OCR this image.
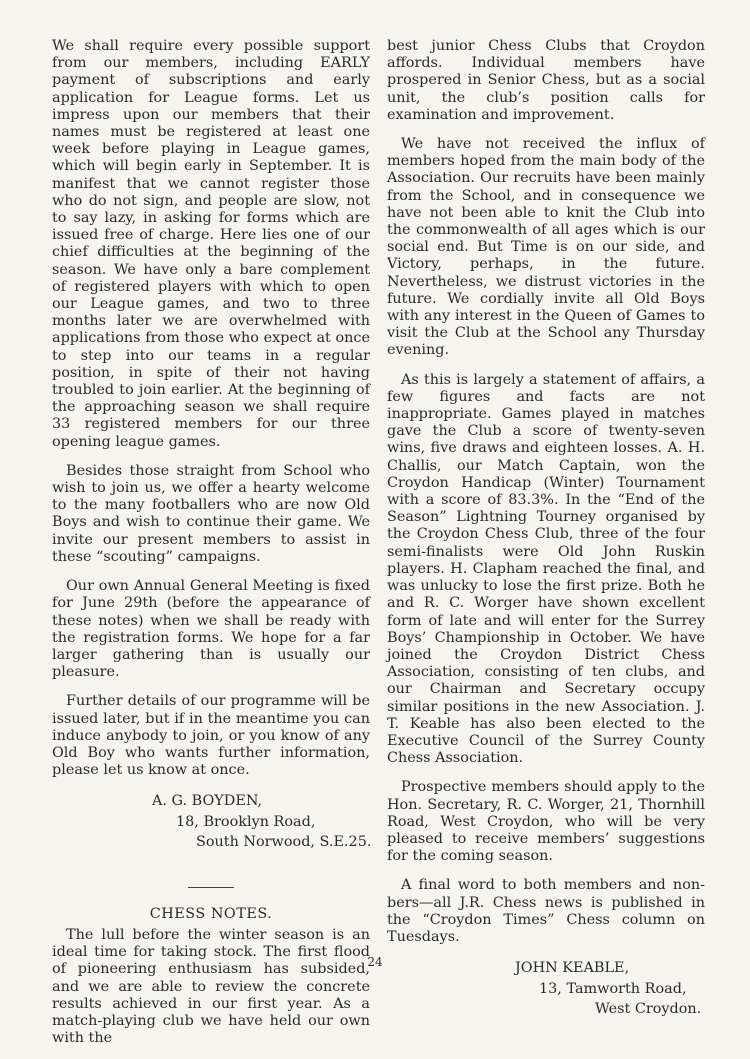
We shall require every possible support from our members, including EARLY payment of subscriptions and early application for League forms. Let us impress upon our members that their names must be registered at least one week before playing in League games, which will begin early in September. It is manifest that we cannot register those who do not sign, and people are slow, not to say lazy, in asking for forms which are issued free of charge. Here lies one of our chief difficulties at the beginning of the season. We have only a bare complement of registered players with which to open our League games, and two to three months later we are overwhelmed with applications from those who expect at once to step into our teams in a regular position, in spite of their not having troubled to join earlier. At the beginning of the approaching season we shall require 33 registered members for our three opening league games.

Besides those straight from School who wish to join us, we offer a hearty welcome to the many footballers who are now Old Boys and wish to continue their game. We invite our present members to assist in these “scouting” campaigns.

Our own Annual General Meeting is fixed for June 29th (before the appearance of these notes) when we shall be ready with the registration forms. We hope for a far larger gathering than is usually our pleasure.

Further details of our programme will be issued later, but if in the meantime you can induce anybody to join, or you know of any Old Boy who wants further information, please let us know at once.

A. G. BOYDEN,
18, Brooklyn Road,
South Norwood, S.E.25.
CHESS NOTES.

The lull before the winter season is an ideal time for taking stock. The first flood of pioneering enthusiasm has subsided, and we are able to review the concrete results achieved in our first year. As a match-playing club we have held our own with the

best junior Chess Clubs that Croydon affords. Individual members have prospered in Senior Chess, but as a social unit, the club’s position calls for examination and improvement.

We have not received the influx of members hoped from the main body of the Association. Our recruits have been mainly from the School, and in consequence we have not been able to knit the Club into the commonwealth of all ages which is our social end. But Time is on our side, and Victory, perhaps, in the future. Nevertheless, we distrust victories in the future. We cordially invite all Old Boys with any interest in the Queen of Games to visit the Club at the School any Thursday evening.

As this is largely a statement of affairs, a few figures and facts are not inappropriate. Games played in matches gave the Club a score of twenty-seven wins, five draws and eighteen losses. A. H. Challis, our Match Captain, won the Croydon Handicap (Winter) Tournament with a score of 83.3%. In the “End of the Season” Lightning Tourney organised by the Croydon Chess Club, three of the four semi-finalists were Old John Ruskin players. H. Clapham reached the final, and was unlucky to lose the first prize. Both he and R. C. Worger have shown excellent form of late and will enter for the Surrey Boys’ Championship in October. We have joined the Croydon District Chess Association, consisting of ten clubs, and our Chairman and Secretary occupy similar positions in the new Association. J. T. Keable has also been elected to the Executive Council of the Surrey County Chess Association.

Prospective members should apply to the Hon. Secretary, R. C. Worger, 21, Thornhill Road, West Croydon, who will be very pleased to receive members’ suggestions for the coming season.

A final word to both members and non-bers—all J.R. Chess news is published in the “Croydon Times” Chess column on Tuesdays.

JOHN KEABLE,
13, Tamworth Road,
West Croydon.
24
